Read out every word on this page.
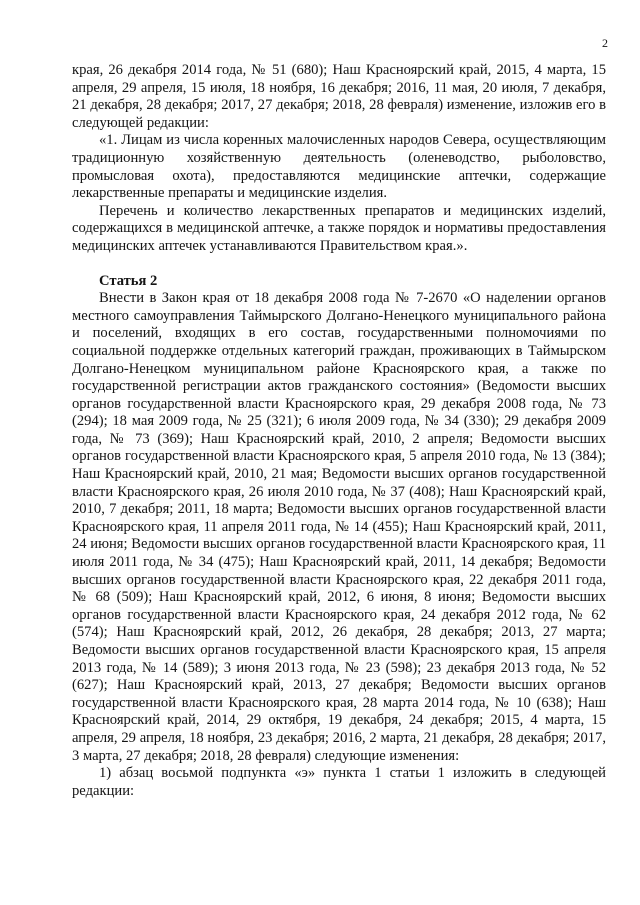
2

края, 26 декабря 2014 года, № 51 (680); Наш Красноярский край, 2015, 4 марта, 15 апреля, 29 апреля, 15 июля, 18 ноября, 16 декабря; 2016, 11 мая, 20 июля, 7 декабря, 21 декабря, 28 декабря; 2017, 27 декабря; 2018, 28 февраля) изменение, изложив его в следующей редакции:

«1. Лицам из числа коренных малочисленных народов Севера, осуществляющим традиционную хозяйственную деятельность (оленеводство, рыболовство, промысловая охота), предоставляются медицинские аптечки, содержащие лекарственные препараты и медицинские изделия.

Перечень и количество лекарственных препаратов и медицинских изделий, содержащихся в медицинской аптечке, а также порядок и нормативы предоставления медицинских аптечек устанавливаются Правительством края.».

Статья 2

Внести в Закон края от 18 декабря 2008 года № 7-2670 «О наделении органов местного самоуправления Таймырского Долгано-Ненецкого муниципального района и поселений, входящих в его состав, государственными полномочиями по социальной поддержке отдельных категорий граждан, проживающих в Таймырском Долгано-Ненецком муниципальном районе Красноярского края, а также по государственной регистрации актов гражданского состояния» (Ведомости высших органов государственной власти Красноярского края, 29 декабря 2008 года, № 73 (294); 18 мая 2009 года, № 25 (321); 6 июля 2009 года, № 34 (330); 29 декабря 2009 года, № 73 (369); Наш Красноярский край, 2010, 2 апреля; Ведомости высших органов государственной власти Красноярского края, 5 апреля 2010 года, № 13 (384); Наш Красноярский край, 2010, 21 мая; Ведомости высших органов государственной власти Красноярского края, 26 июля 2010 года, № 37 (408); Наш Красноярский край, 2010, 7 декабря; 2011, 18 марта; Ведомости высших органов государственной власти Красноярского края, 11 апреля 2011 года, № 14 (455); Наш Красноярский край, 2011, 24 июня; Ведомости высших органов государственной власти Красноярского края, 11 июля 2011 года, № 34 (475); Наш Красноярский край, 2011, 14 декабря; Ведомости высших органов государственной власти Красноярского края, 22 декабря 2011 года, № 68 (509); Наш Красноярский край, 2012, 6 июня, 8 июня; Ведомости высших органов государственной власти Красноярского края, 24 декабря 2012 года, № 62 (574); Наш Красноярский край, 2012, 26 декабря, 28 декабря; 2013, 27 марта; Ведомости высших органов государственной власти Красноярского края, 15 апреля 2013 года, № 14 (589); 3 июня 2013 года, № 23 (598); 23 декабря 2013 года, № 52 (627); Наш Красноярский край, 2013, 27 декабря; Ведомости высших органов государственной власти Красноярского края, 28 марта 2014 года, № 10 (638); Наш Красноярский край, 2014, 29 октября, 19 декабря, 24 декабря; 2015, 4 марта, 15 апреля, 29 апреля, 18 ноября, 23 декабря; 2016, 2 марта, 21 декабря, 28 декабря; 2017, 3 марта, 27 декабря; 2018, 28 февраля) следующие изменения:

1) абзац восьмой подпункта «э» пункта 1 статьи 1 изложить в следующей редакции:
